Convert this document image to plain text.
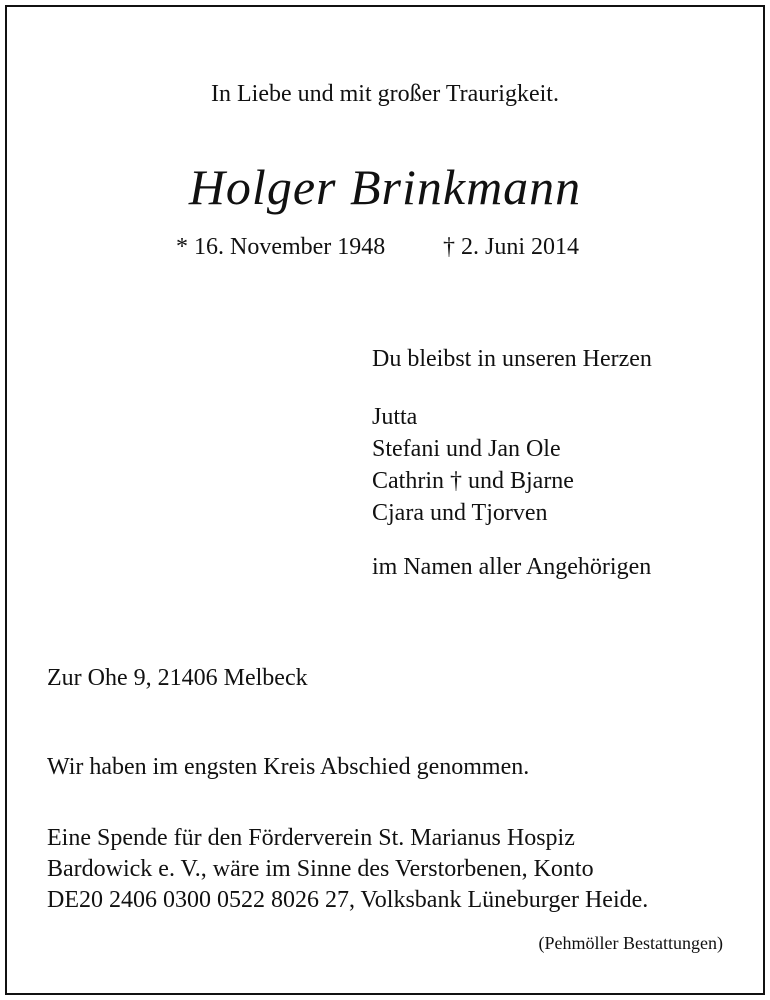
In Liebe und mit großer Traurigkeit.
Holger Brinkmann
* 16. November 1948 † 2. Juni 2014
Du bleibst in unseren Herzen
Jutta
Stefani und Jan Ole
Cathrin † und Bjarne
Cjara und Tjorven
im Namen aller Angehörigen
Zur Ohe 9, 21406 Melbeck
Wir haben im engsten Kreis Abschied genommen.
Eine Spende für den Förderverein St. Marianus Hospiz
Bardowick e. V., wäre im Sinne des Verstorbenen, Konto
DE20 2406 0300 0522 8026 27, Volksbank Lüneburger Heide.
(Pehmöller Bestattungen)
